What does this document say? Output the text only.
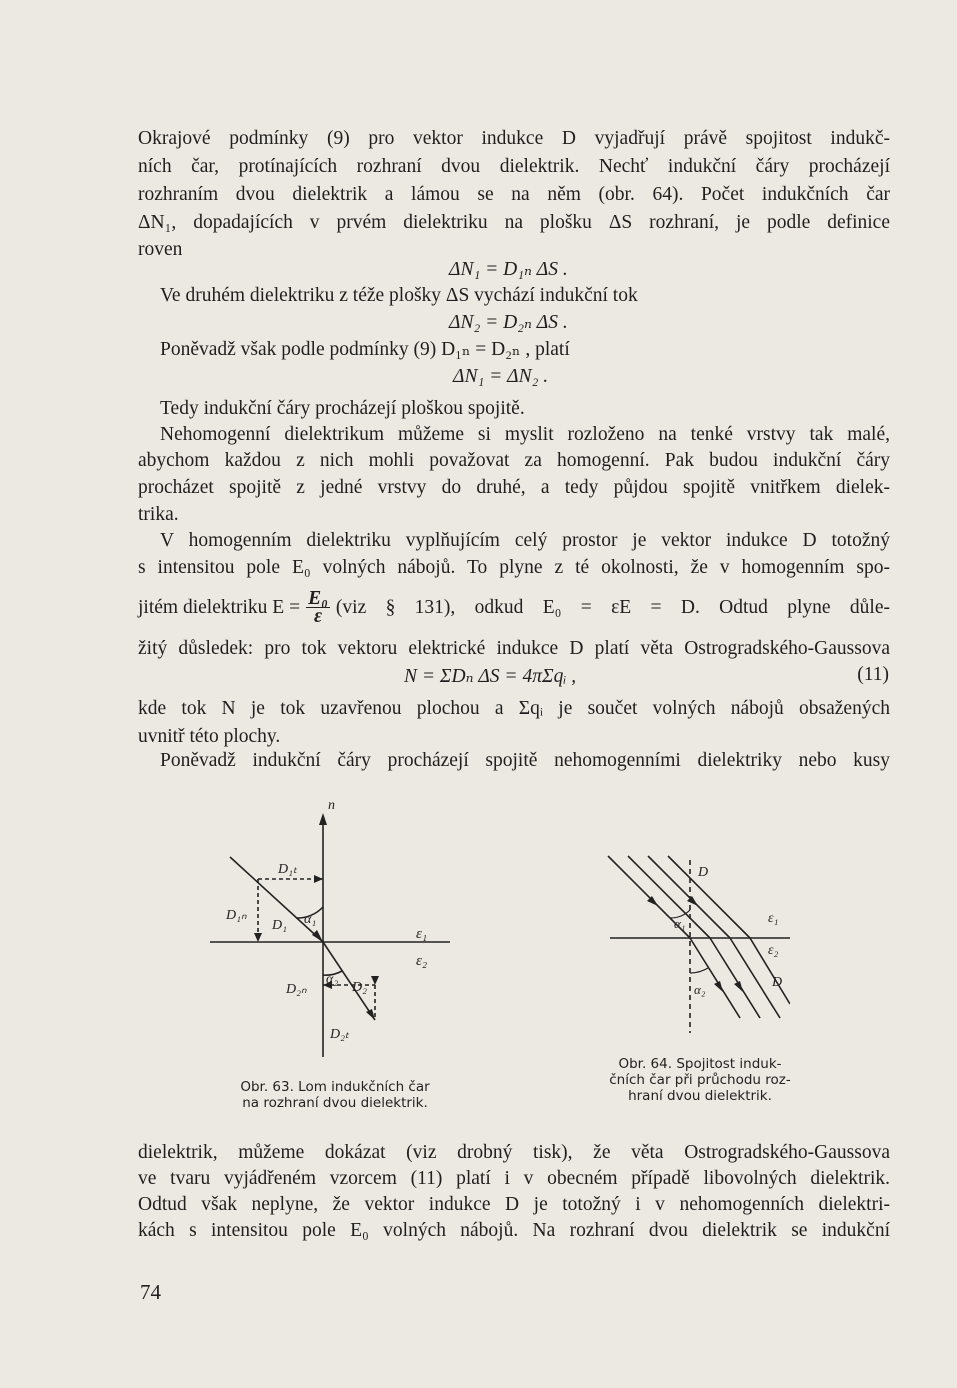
Okrajové podmínky (9) pro vektor indukce D vyjadřují právě spojitost indukč-
ních čar, protínajících rozhraní dvou dielektrik. Nechť indukční čáry procházejí
rozhraním dvou dielektrik a lámou se na něm (obr. 64). Počet indukčních čar
ΔN₁, dopadajících v prvém dielektriku na plošku ΔS rozhraní, je podle definice
roven
ΔN₁ = D₁ₙ ΔS .
Ve druhém dielektriku z téže plošky ΔS vychází indukční tok
ΔN₂ = D₂ₙ ΔS .
Poněvadž však podle podmínky (9) D₁ₙ = D₂ₙ , platí
ΔN₁ = ΔN₂ .
Tedy indukční čáry procházejí ploškou spojitě.
Nehomogenní dielektrikum můžeme si myslit rozloženo na tenké vrstvy tak malé,
abychom každou z nich mohli považovat za homogenní. Pak budou indukční čáry
procházet spojitě z jedné vrstvy do druhé, a tedy půjdou spojitě vnitřkem dielek-
trika.
V homogenním dielektriku vyplňujícím celý prostor je vektor indukce D totožný
s intensitou pole E₀ volných nábojů. To plyne z té okolnosti, že v homogenním spo-
jitém dielektriku $E = \frac{\text{E₀}}{\varepsilon} (viz$ § 131), odkud E₀ = εE = D. Odtud plyne důle-
žitý důsledek: pro tok vektoru elektrické indukce D platí věta Ostrogradského-Gaussova
N = ΣDₙ ΔS = 4πΣqᵢ ,	(11)
kde tok N je tok uzavřenou plochou a Σqᵢ je součet volných nábojů obsažených
uvnitř této plochy.
Poněvadž indukční čáry procházejí spojitě nehomogenními dielektriky nebo kusy
n
D₁ₜ
D₁ₙ
D₁ α₁
ε₁
ε₂
D₂ₙ
α₂
D₂
D₂ₜ
Obr. 63. Lom indukčních čar
na rozhraní dvou dielektrik.
D
ε₁
α₁
ε₂
α₂	D
Obr. 64. Spojitost induk-
čních čar při průchodu roz-
hraní dvou dielektrik.
dielektrik, můžeme dokázat (viz drobný tisk), že věta Ostrogradského-Gaussova
ve tvaru vyjádřeném vzorcem (11) platí i v obecném případě libovolných dielektrik.
Odtud však neplyne, že vektor indukce D je totožný i v nehomogenních dielektri-
kách s intensitou pole E₀ volných nábojů. Na rozhraní dvou dielektrik se indukční
74
